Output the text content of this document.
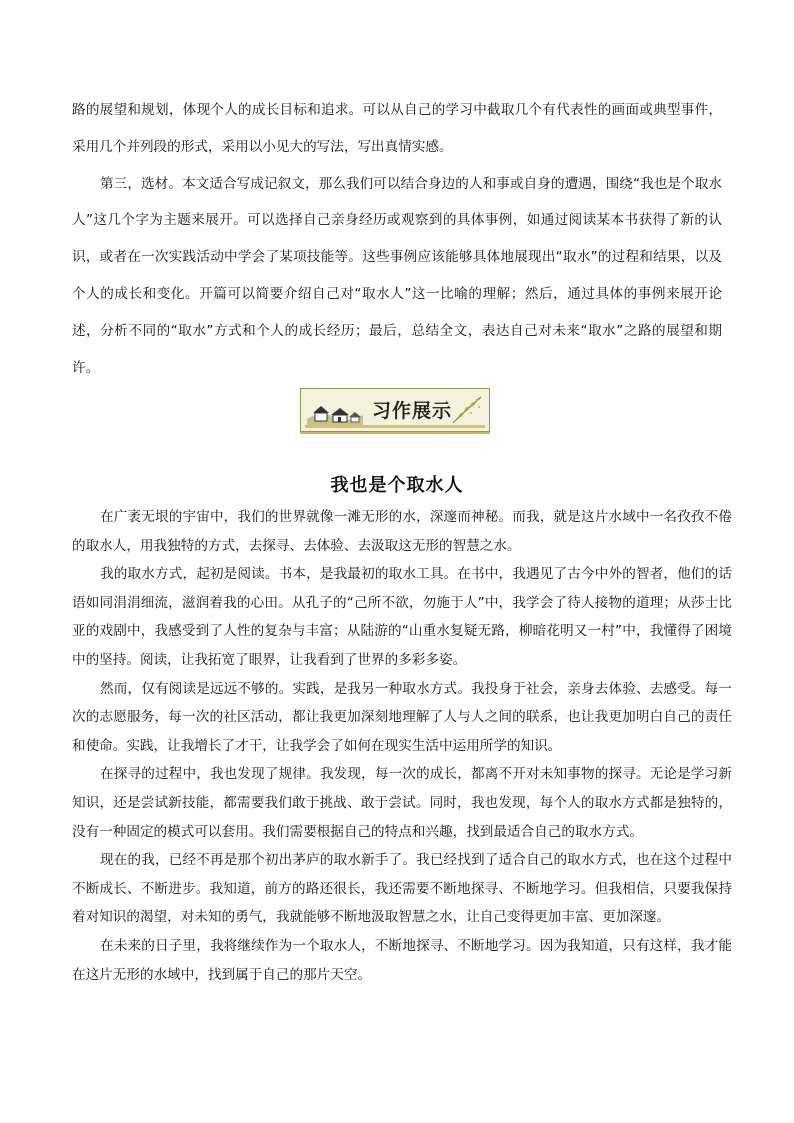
路的展望和规划，体现个人的成长目标和追求。可以从自己的学习中截取几个有代表性的画面或典型事件，采用几个并列段的形式，采用以小见大的写法，写出真情实感。

第三，选材。本文适合写成记叙文，那么我们可以结合身边的人和事或自身的遭遇，围绕“我也是个取水人”这几个字为主题来展开。可以选择自己亲身经历或观察到的具体事例，如通过阅读某本书获得了新的认识，或者在一次实践活动中学会了某项技能等。这些事例应该能够具体地展现出“取水”的过程和结果，以及个人的成长和变化。开篇可以简要介绍自己对“取水人”这一比喻的理解；然后，通过具体的事例来展开论述，分析不同的“取水”方式和个人的成长经历；最后，总结全文，表达自己对未来“取水”之路的展望和期许。

习作展示
我也是个取水人

在广袤无垠的宇宙中，我们的世界就像一滩无形的水，深邃而神秘。而我，就是这片水域中一名孜孜不倦的取水人，用我独特的方式，去探寻、去体验、去汲取这无形的智慧之水。

我的取水方式，起初是阅读。书本，是我最初的取水工具。在书中，我遇见了古今中外的智者，他们的话语如同涓涓细流，滋润着我的心田。从孔子的“己所不欲，勿施于人”中，我学会了待人接物的道理；从莎士比亚的戏剧中，我感受到了人性的复杂与丰富；从陆游的“山重水复疑无路，柳暗花明又一村”中，我懂得了困境中的坚持。阅读，让我拓宽了眼界，让我看到了世界的多彩多姿。

然而，仅有阅读是远远不够的。实践，是我另一种取水方式。我投身于社会，亲身去体验、去感受。每一次的志愿服务，每一次的社区活动，都让我更加深刻地理解了人与人之间的联系，也让我更加明白自己的责任和使命。实践，让我增长了才干，让我学会了如何在现实生活中运用所学的知识。

在探寻的过程中，我也发现了规律。我发现，每一次的成长，都离不开对未知事物的探寻。无论是学习新知识，还是尝试新技能，都需要我们敢于挑战、敢于尝试。同时，我也发现，每个人的取水方式都是独特的，没有一种固定的模式可以套用。我们需要根据自己的特点和兴趣，找到最适合自己的取水方式。

现在的我，已经不再是那个初出茅庐的取水新手了。我已经找到了适合自己的取水方式，也在这个过程中不断成长、不断进步。我知道，前方的路还很长，我还需要不断地探寻、不断地学习。但我相信，只要我保持着对知识的渴望，对未知的勇气，我就能够不断地汲取智慧之水，让自己变得更加丰富、更加深邃。

在未来的日子里，我将继续作为一个取水人，不断地探寻、不断地学习。因为我知道，只有这样，我才能在这片无形的水域中，找到属于自己的那片天空。
